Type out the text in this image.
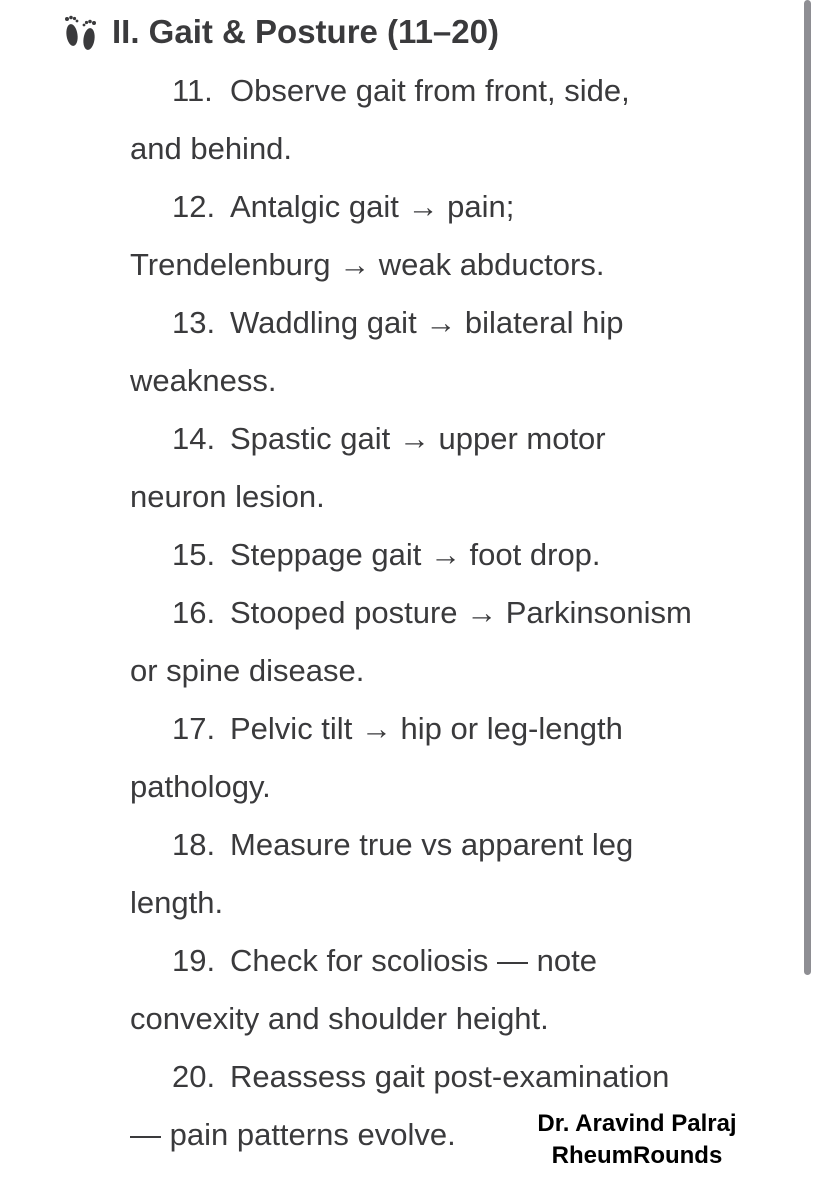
II. Gait & Posture (11–20)
11. Observe gait from front, side,
and behind.
12. Antalgic gait → pain;
Trendelenburg → weak abductors.
13. Waddling gait → bilateral hip
weakness.
14. Spastic gait → upper motor
neuron lesion.
15. Steppage gait → foot drop.
16. Stooped posture → Parkinsonism
or spine disease.
17. Pelvic tilt → hip or leg-length
pathology.
18. Measure true vs apparent leg
length.
19. Check for scoliosis — note
convexity and shoulder height.
20. Reassess gait post-examination
— pain patterns evolve.	Dr. Aravind Palraj
RheumRounds
